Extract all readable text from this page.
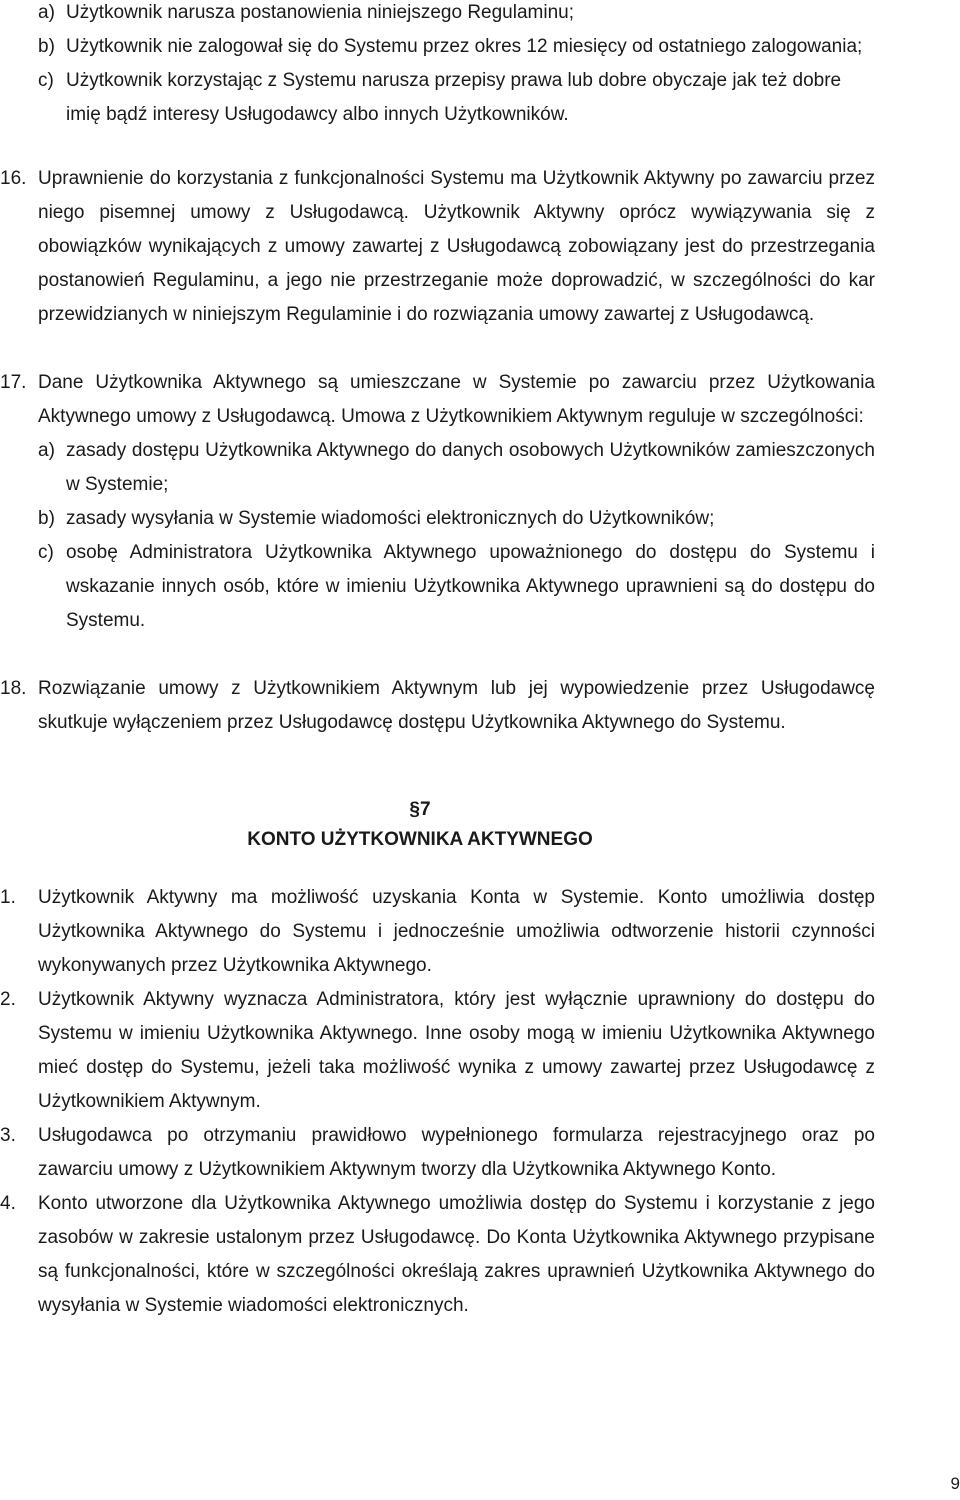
a) Użytkownik narusza postanowienia niniejszego Regulaminu;
b) Użytkownik nie zalogował się do Systemu przez okres 12 miesięcy od ostatniego zalogowania;
c) Użytkownik korzystając z Systemu narusza przepisy prawa lub dobre obyczaje jak też dobre imię bądź interesy Usługodawcy albo innych Użytkowników.
16. Uprawnienie do korzystania z funkcjonalności Systemu ma Użytkownik Aktywny po zawarciu przez niego pisemnej umowy z Usługodawcą. Użytkownik Aktywny oprócz wywiązywania się z obowiązków wynikających z umowy zawartej z Usługodawcą zobowiązany jest do przestrzegania postanowień Regulaminu, a jego nie przestrzeganie może doprowadzić, w szczególności do kar przewidzianych w niniejszym Regulaminie i do rozwiązania umowy zawartej z Usługodawcą.
17. Dane Użytkownika Aktywnego są umieszczane w Systemie po zawarciu przez Użytkowania Aktywnego umowy z Usługodawcą. Umowa z Użytkownikiem Aktywnym reguluje w szczególności:
a) zasady dostępu Użytkownika Aktywnego do danych osobowych Użytkowników zamieszczonych w Systemie;
b) zasady wysyłania w Systemie wiadomości elektronicznych do Użytkowników;
c) osobę Administratora Użytkownika Aktywnego upoważnionego do dostępu do Systemu i wskazanie innych osób, które w imieniu Użytkownika Aktywnego uprawnieni są do dostępu do Systemu.
18. Rozwiązanie umowy z Użytkownikiem Aktywnym lub jej wypowiedzenie przez Usługodawcę skutkuje wyłączeniem przez Usługodawcę dostępu Użytkownika Aktywnego do Systemu.
§7
KONTO UŻYTKOWNIKA AKTYWNEGO
1. Użytkownik Aktywny ma możliwość uzyskania Konta w Systemie. Konto umożliwia dostęp Użytkownika Aktywnego do Systemu i jednocześnie umożliwia odtworzenie historii czynności wykonywanych przez Użytkownika Aktywnego.
2. Użytkownik Aktywny wyznacza Administratora, który jest wyłącznie uprawniony do dostępu do Systemu w imieniu Użytkownika Aktywnego. Inne osoby mogą w imieniu Użytkownika Aktywnego mieć dostęp do Systemu, jeżeli taka możliwość wynika z umowy zawartej przez Usługodawcę z Użytkownikiem Aktywnym.
3. Usługodawca po otrzymaniu prawidłowo wypełnionego formularza rejestracyjnego oraz po zawarciu umowy z Użytkownikiem Aktywnym tworzy dla Użytkownika Aktywnego Konto.
4. Konto utworzone dla Użytkownika Aktywnego umożliwia dostęp do Systemu i korzystanie z jego zasobów w zakresie ustalonym przez Usługodawcę. Do Konta Użytkownika Aktywnego przypisane są funkcjonalności, które w szczególności określają zakres uprawnień Użytkownika Aktywnego do wysyłania w Systemie wiadomości elektronicznych.
9
